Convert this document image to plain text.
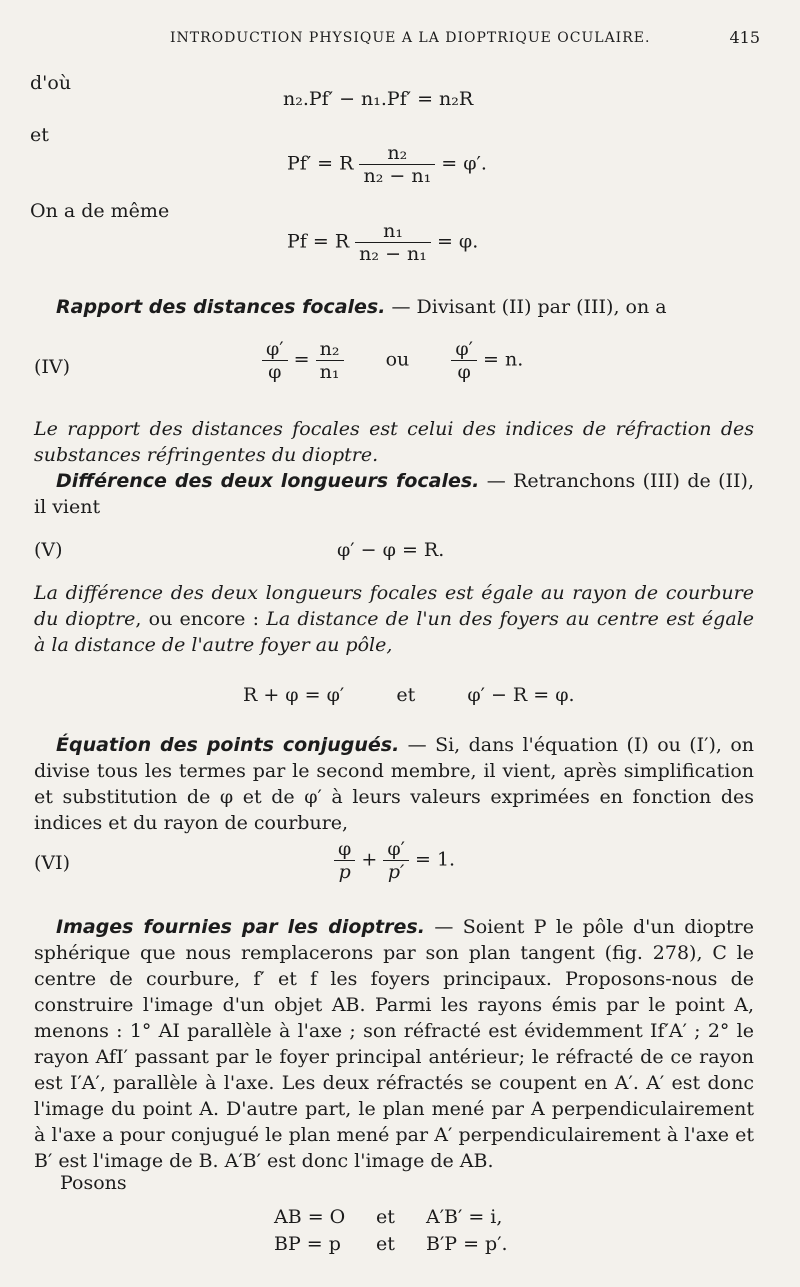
INTRODUCTION PHYSIQUE A LA DIOPTRIQUE OCULAIRE.	415
d'où
n₂.Pf′ − n₁.Pf′ = n₂R
et
Pf′ = R $\frac{\text{n₂}}{\text{n₂ − n₁}} = \varphi'$.
On a de même
Pf = R $\frac{\text{n₁}}{\text{n₂ − n₁}} = \varphi$.

Rapport des distances focales. — Divisant (II) par (III), on a

(IV)	$\frac{\varphi'}{\varphi} = \frac{\text{n₂}}{\text{n₁}}$ ou $\frac{\varphi'}{\varphi} = n$.

Le rapport des distances focales est celui des indices de réfraction des substances réfringentes du dioptre.

Différence des deux longueurs focales. — Retranchons (III) de (II), il vient

(V)	φ′ − φ = R.

La différence des deux longueurs focales est égale au rayon de courbure du dioptre, ou encore : La distance de l'un des foyers au centre est égale à la distance de l'autre foyer au pôle,

R + φ = φ′	et	φ′ − R = φ.

Équation des points conjugués. — Si, dans l'équation (I) ou (I′), on divise tous les termes par le second membre, il vient, après simplification et substitution de φ et de φ′ à leurs valeurs exprimées en fonction des indices et du rayon de courbure,

(VI)	$\frac{\varphi}{p} + \frac{\varphi'}{p'} = 1$.

Images fournies par les dioptres. — Soient P le pôle d'un dioptre sphérique que nous remplacerons par son plan tangent (fig. 278), C le centre de courbure, f′ et f les foyers principaux. Proposons-nous de construire l'image d'un objet AB. Parmi les rayons émis par le point A, menons : 1° AI parallèle à l'axe ; son réfracté est évidemment If′A′ ; 2° le rayon AfI′ passant par le foyer principal antérieur; le réfracté de ce rayon est I′A′, parallèle à l'axe. Les deux réfractés se coupent en A′. A′ est donc l'image du point A. D'autre part, le plan mené par A perpendiculairement à l'axe a pour conjugué le plan mené par A′ perpendiculairement à l'axe et B′ est l'image de B. A′B′ est donc l'image de AB.

Posons
AB = O et A′B′ = i,
BP = p et B′P = p′.
